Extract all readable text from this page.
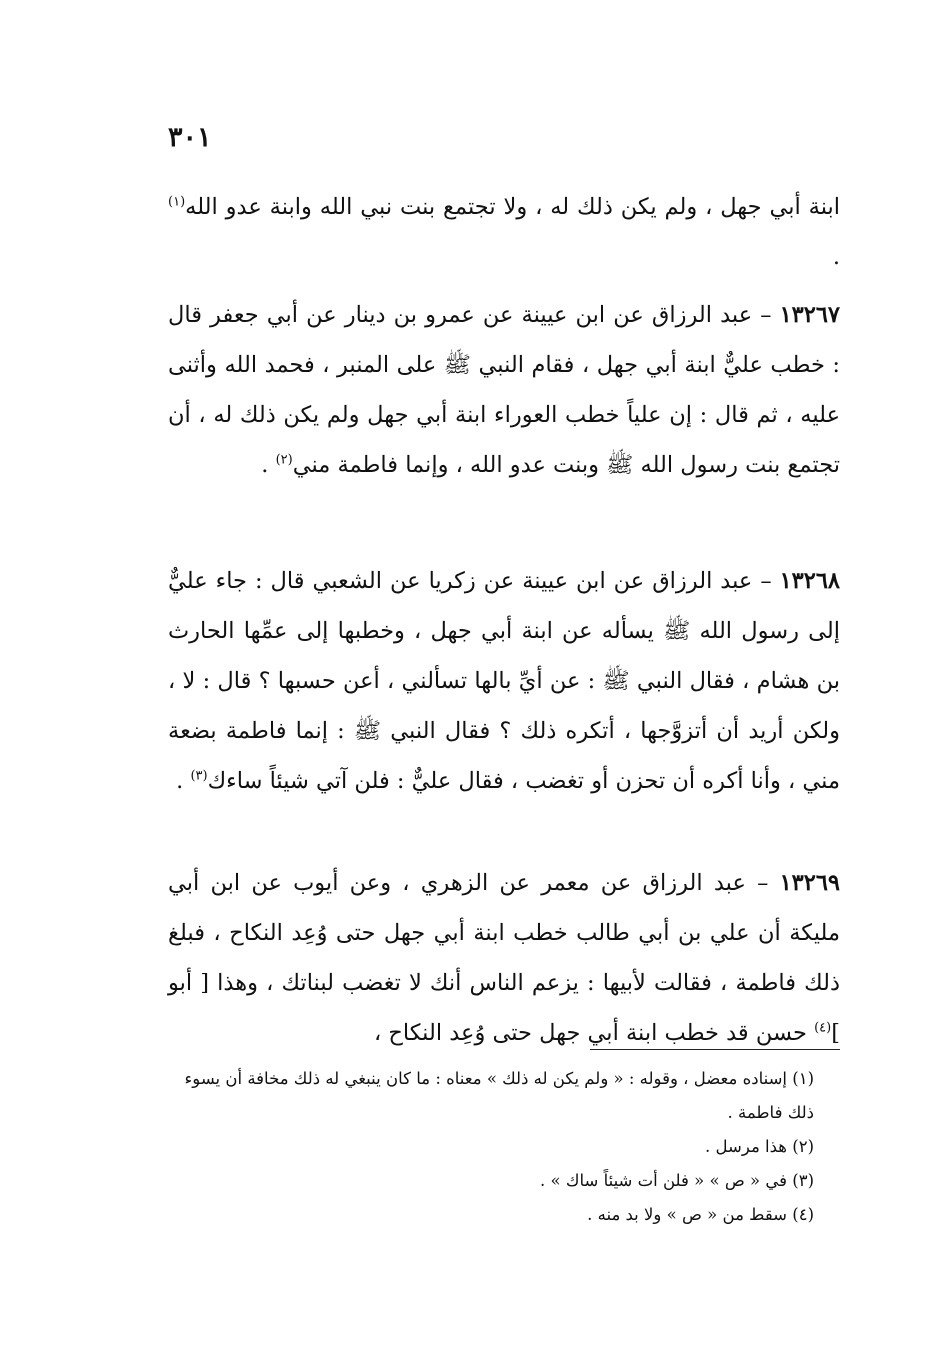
٣٠١

ابنة أبي جهل ، ولم يكن ذلك له ، ولا تجتمع بنت نبي الله وابنة عدو الله$^{(١)}$ .

١٣٢٦٧ – عبد الرزاق عن ابن عيينة عن عمرو بن دينار عن أبي جعفر قال : خطب عليٌّ ابنة أبي جهل ، فقام النبي ﷺ على المنبر ، فحمد الله وأثنى عليه ، ثم قال : إن علياً خطب العوراء ابنة أبي جهل ولم يكن ذلك له ، أن تجتمع بنت رسول الله ﷺ وبنت عدو الله ، وإنما فاطمة مني$^{(٢)}$ .

١٣٢٦٨ – عبد الرزاق عن ابن عيينة عن زكريا عن الشعبي قال : جاء عليٌّ إلى رسول الله ﷺ يسأله عن ابنة أبي جهل ، وخطبها إلى عمِّها الحارث بن هشام ، فقال النبي ﷺ : عن أيِّ بالها تسألني ، أعن حسبها ؟ قال : لا ، ولكن أريد أن أتزوَّجها ، أتكره ذلك ؟ فقال النبي ﷺ : إنما فاطمة بضعة مني ، وأنا أكره أن تحزن أو تغضب ، فقال عليٌّ : فلن آتي شيئاً ساءك$^{(٣)}$ .

١٣٢٦٩ – عبد الرزاق عن معمر عن الزهري ، وعن أيوب عن ابن أبي مليكة أن علي بن أبي طالب خطب ابنة أبي جهل حتى وُعِد النكاح ، فبلغ ذلك فاطمة ، فقالت لأبيها : يزعم الناس أنك لا تغضب لبناتك ، وهذا [ أبو ]$^{(٤)}$ حسن قد خطب ابنة أبي جهل حتى وُعِد النكاح ،

(١) إسناده معضل ، وقوله : « ولم يكن له ذلك » معناه : ما كان ينبغي له ذلك مخافة أن يسوء ذلك فاطمة .

(٢) هذا مرسل .

(٣) في « ص » « فلن أت شيئاً ساك » .

(٤) سقط من « ص » ولا بد منه .
